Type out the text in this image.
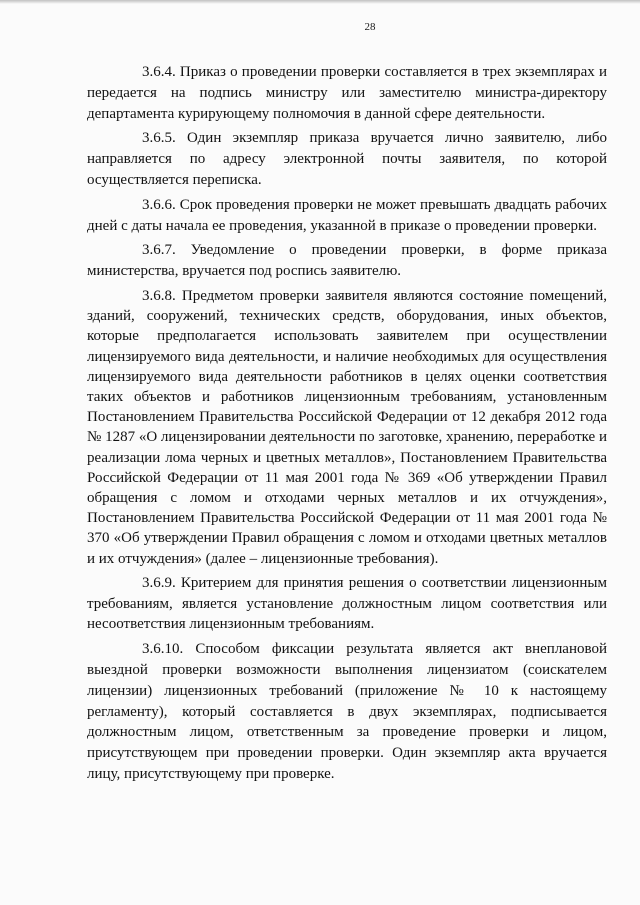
28

3.6.4. Приказ о проведении проверки составляется в трех экземплярах и передается на подпись министру или заместителю министра-директору департамента курирующему полномочия в данной сфере деятельности.

3.6.5. Один экземпляр приказа вручается лично заявителю, либо направляется по адресу электронной почты заявителя, по которой осуществляется переписка.

3.6.6. Срок проведения проверки не может превышать двадцать рабочих дней с даты начала ее проведения, указанной в приказе о проведении проверки.

3.6.7. Уведомление о проведении проверки, в форме приказа министерства, вручается под роспись заявителю.

3.6.8. Предметом проверки заявителя являются состояние помещений, зданий, сооружений, технических средств, оборудования, иных объектов, которые предполагается использовать заявителем при осуществлении лицензируемого вида деятельности, и наличие необходимых для осуществления лицензируемого вида деятельности работников в целях оценки соответствия таких объектов и работников лицензионным требованиям, установленным Постановлением Правительства Российской Федерации от 12 декабря 2012 года № 1287 «О лицензировании деятельности по заготовке, хранению, переработке и реализации лома черных и цветных металлов», Постановлением Правительства Российской Федерации от 11 мая 2001 года № 369 «Об утверждении Правил обращения с ломом и отходами черных металлов и их отчуждения», Постановлением Правительства Российской Федерации от 11 мая 2001 года № 370 «Об утверждении Правил обращения с ломом и отходами цветных металлов и их отчуждения» (далее – лицензионные требования).

3.6.9. Критерием для принятия решения о соответствии лицензионным требованиям, является установление должностным лицом соответствия или несоответствия лицензионным требованиям.

3.6.10. Способом фиксации результата является акт внеплановой выездной проверки возможности выполнения лицензиатом (соискателем лицензии) лицензионных требований (приложение № 10 к настоящему регламенту), который составляется в двух экземплярах, подписывается должностным лицом, ответственным за проведение проверки и лицом, присутствующем при проведении проверки. Один экземпляр акта вручается лицу, присутствующему при проверке.
